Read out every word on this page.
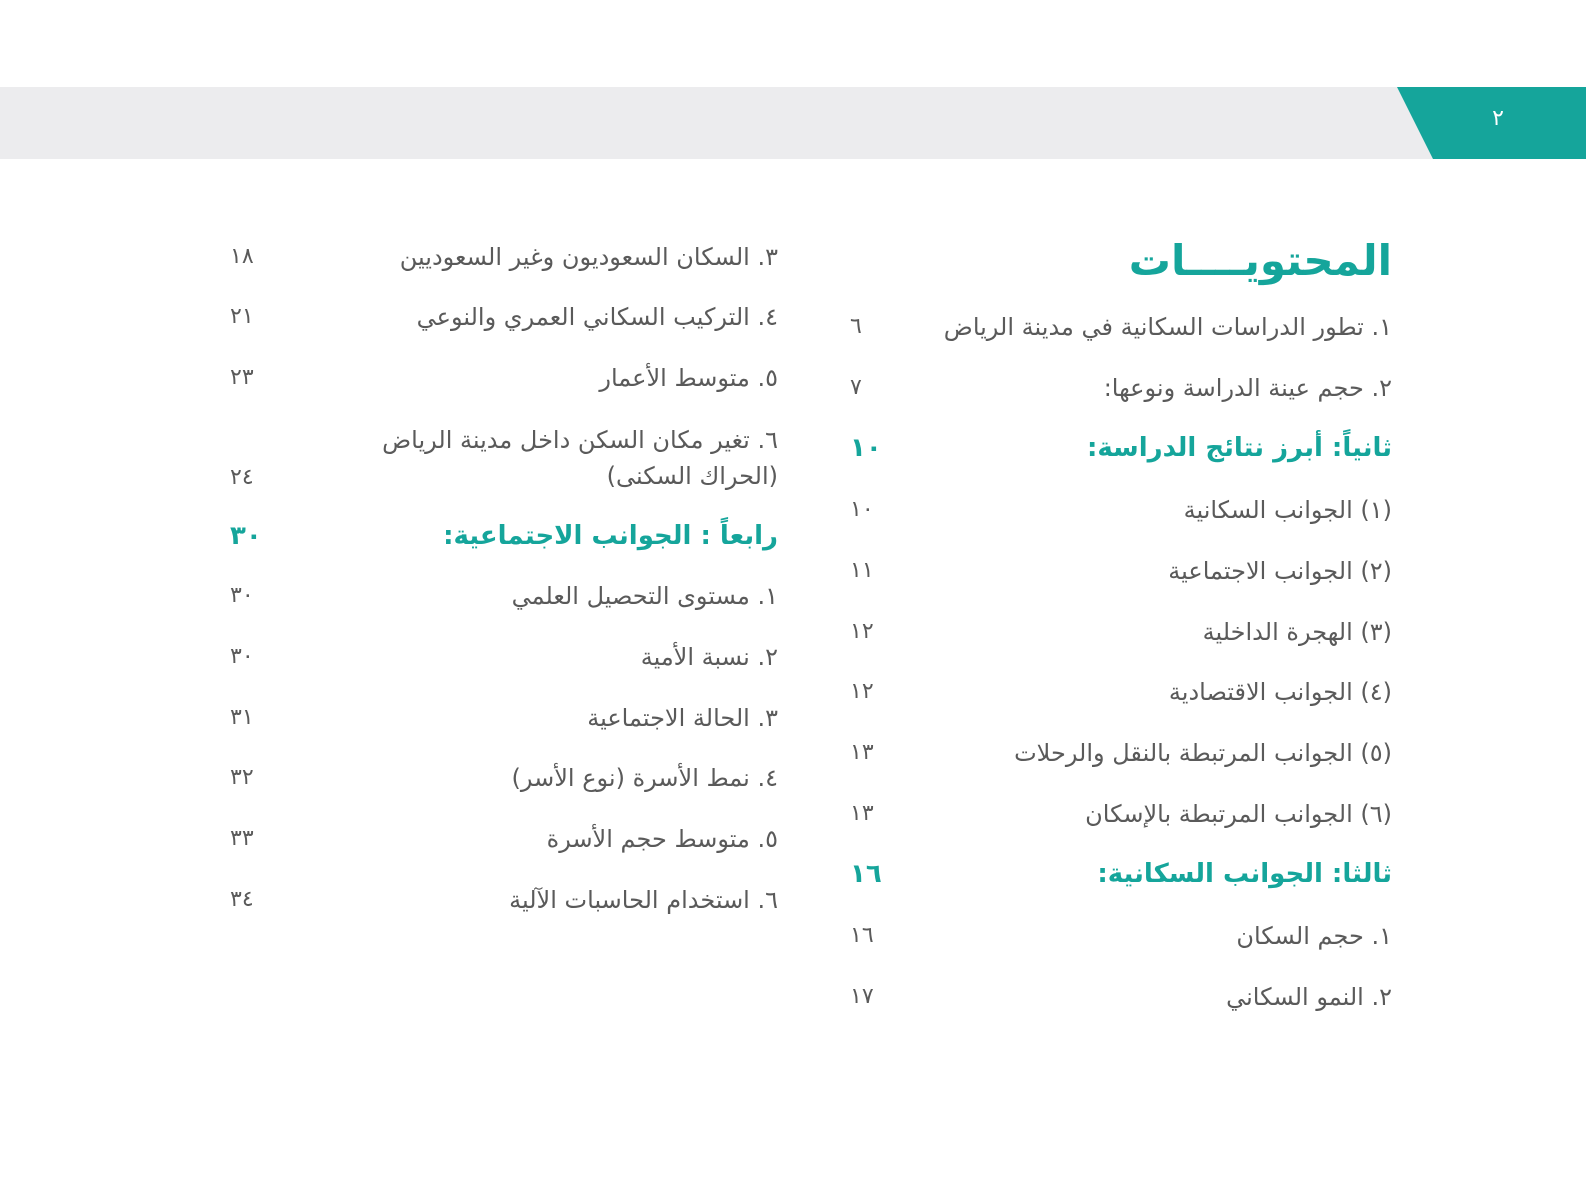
٢
المحتويــــات
١. تطور الدراسات السكانية في مدينة الرياض
٦
٢. حجم عينة الدراسة ونوعها:
٧
ثانياً: أبرز نتائج الدراسة:
١٠
(١) الجوانب السكانية
١٠
(٢) الجوانب الاجتماعية
١١
(٣) الهجرة الداخلية
١٢
(٤) الجوانب الاقتصادية
١٢
(٥) الجوانب المرتبطة بالنقل والرحلات
١٣
(٦) الجوانب المرتبطة بالإسكان
١٣
ثالثا: الجوانب السكانية:
١٦
١. حجم السكان
١٦
٢. النمو السكاني
١٧
٣. السكان السعوديون وغير السعوديين
١٨
٤. التركيب السكاني العمري والنوعي
٢١
٥. متوسط الأعمار
٢٣
٦. تغير مكان السكن داخل مدينة الرياض
(الحراك السكنى)
٢٤
رابعاً : الجوانب الاجتماعية:
٣٠
١. مستوى التحصيل العلمي
٣٠
٢. نسبة الأمية
٣٠
٣. الحالة الاجتماعية
٣١
٤. نمط الأسرة (نوع الأسر)
٣٢
٥. متوسط حجم الأسرة
٣٣
٦. استخدام الحاسبات الآلية
٣٤
